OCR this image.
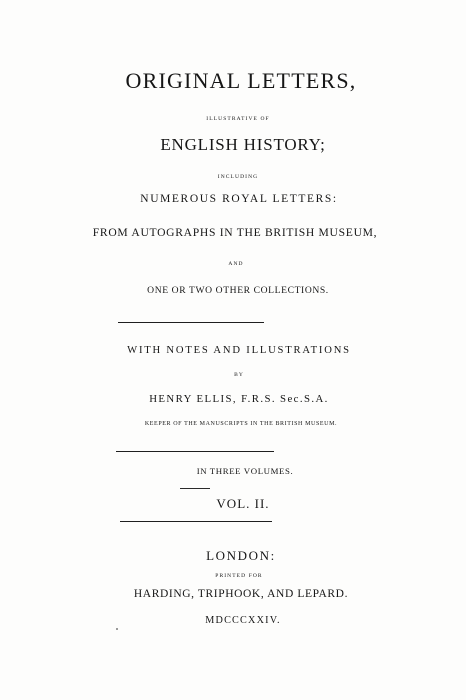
ORIGINAL LETTERS,
ILLUSTRATIVE OF
ENGLISH HISTORY;
INCLUDING
NUMEROUS ROYAL LETTERS:
FROM AUTOGRAPHS IN THE BRITISH MUSEUM,
AND
ONE OR TWO OTHER COLLECTIONS.
WITH NOTES AND ILLUSTRATIONS
BY
HENRY ELLIS, F.R.S. Sec.S.A.
KEEPER OF THE MANUSCRIPTS IN THE BRITISH MUSEUM.
IN THREE VOLUMES.
VOL. II.
LONDON:
PRINTED FOR
HARDING, TRIPHOOK, AND LEPARD.
MDCCCXXIV.
